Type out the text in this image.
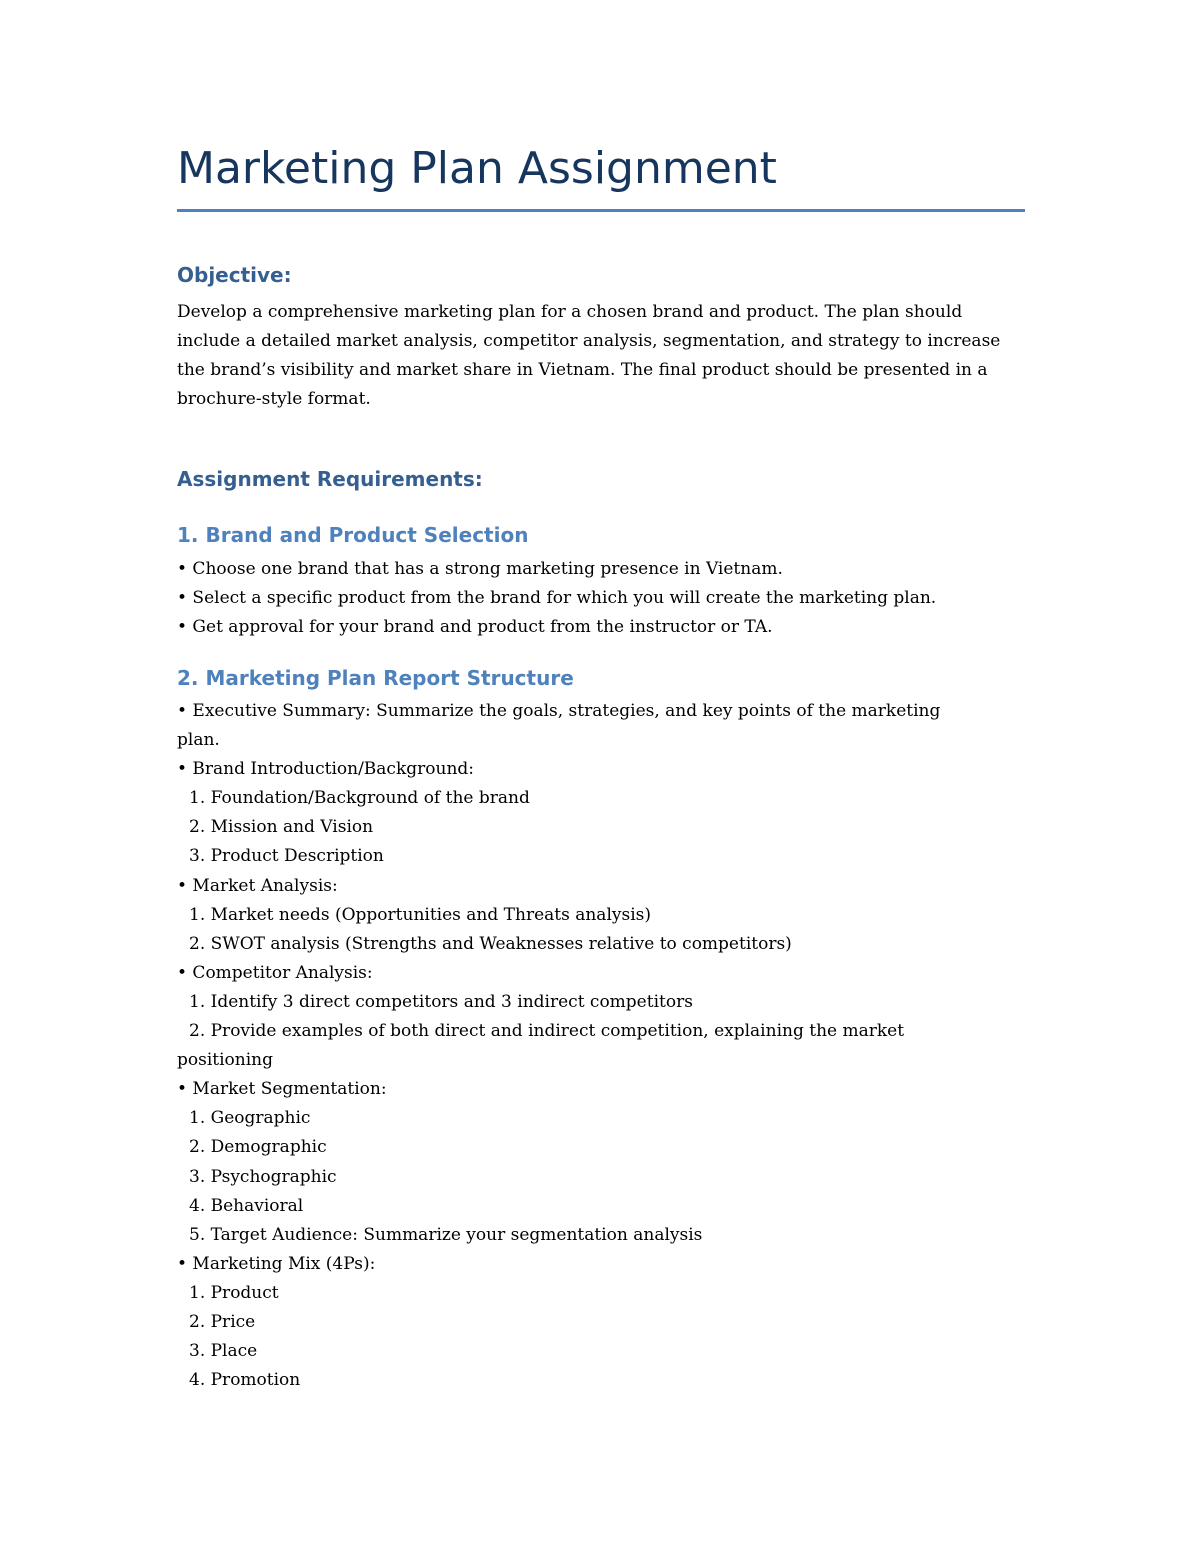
Marketing Plan Assignment
Objective:

Develop a comprehensive marketing plan for a chosen brand and product. The plan should include a detailed market analysis, competitor analysis, segmentation, and strategy to increase the brand’s visibility and market share in Vietnam. The final product should be presented in a brochure-style format.

Assignment Requirements:
1. Brand and Product Selection
• Choose one brand that has a strong marketing presence in Vietnam.
• Select a specific product from the brand for which you will create the marketing plan.
• Get approval for your brand and product from the instructor or TA.
2. Marketing Plan Report Structure
• Executive Summary: Summarize the goals, strategies, and key points of the marketing plan.
• Brand Introduction/Background:
1. Foundation/Background of the brand
2. Mission and Vision
3. Product Description
• Market Analysis:
1. Market needs (Opportunities and Threats analysis)
2. SWOT analysis (Strengths and Weaknesses relative to competitors)
• Competitor Analysis:
1. Identify 3 direct competitors and 3 indirect competitors
2. Provide examples of both direct and indirect competition, explaining the market positioning
• Market Segmentation:
1. Geographic
2. Demographic
3. Psychographic
4. Behavioral
5. Target Audience: Summarize your segmentation analysis
• Marketing Mix (4Ps):
1. Product
2. Price
3. Place
4. Promotion
